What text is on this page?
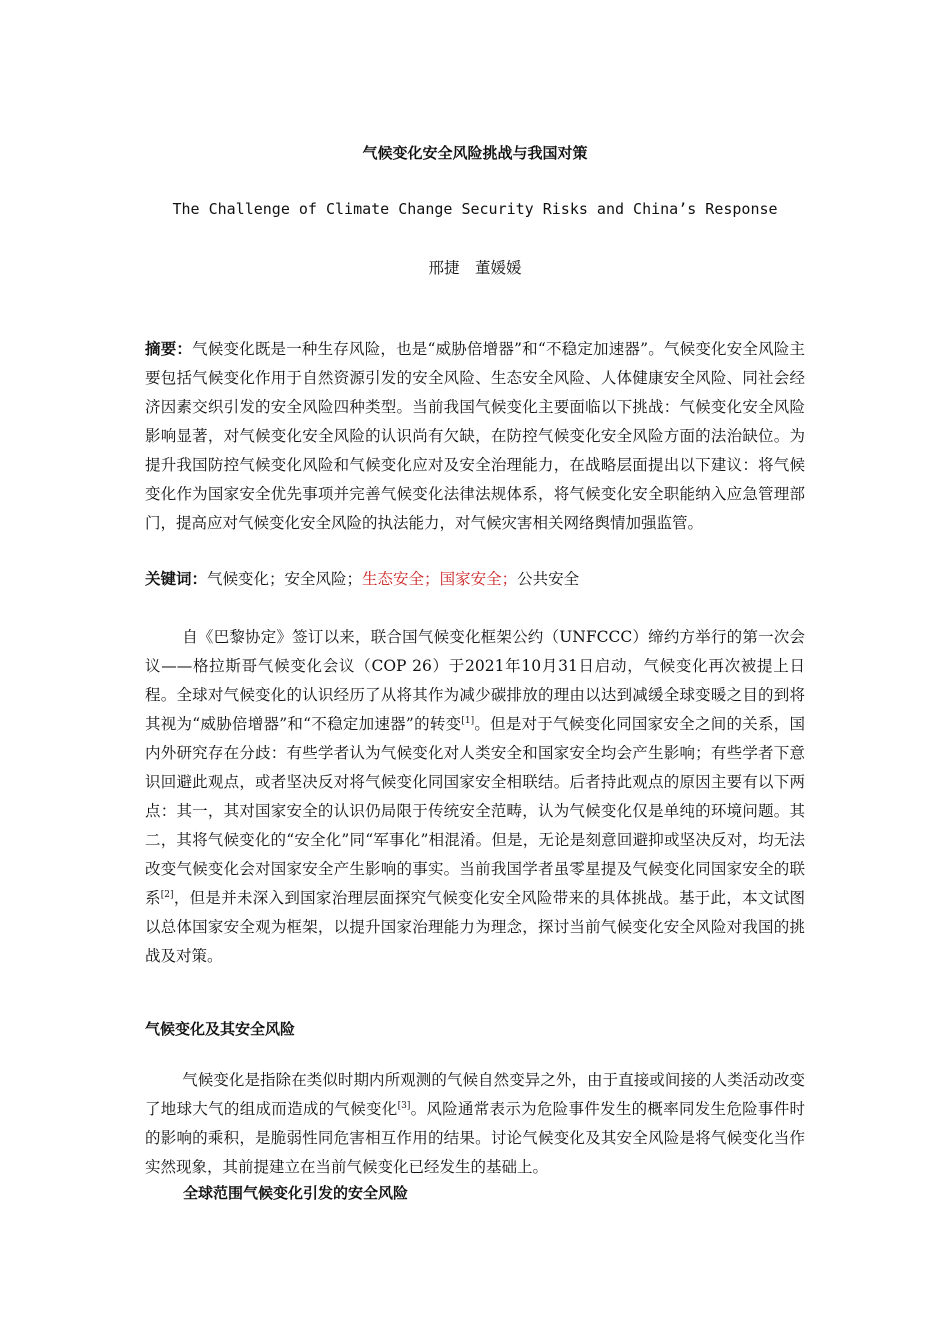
气候变化安全风险挑战与我国对策
The Challenge of Climate Change Security Risks and China’s Response
邢捷　董媛媛
摘要：气候变化既是一种生存风险，也是“威胁倍增器”和“不稳定加速器”。气候变化安全风险主要包括气候变化作用于自然资源引发的安全风险、生态安全风险、人体健康安全风险、同社会经济因素交织引发的安全风险四种类型。当前我国气候变化主要面临以下挑战：气候变化安全风险影响显著，对气候变化安全风险的认识尚有欠缺，在防控气候变化安全风险方面的法治缺位。为提升我国防控气候变化风险和气候变化应对及安全治理能力，在战略层面提出以下建议：将气候变化作为国家安全优先事项并完善气候变化法律法规体系，将气候变化安全职能纳入应急管理部门，提高应对气候变化安全风险的执法能力，对气候灾害相关网络舆情加强监管。
关键词：气候变化；安全风险；生态安全；国家安全；公共安全
自《巴黎协定》签订以来，联合国气候变化框架公约（UNFCCC）缔约方举行的第一次会议——格拉斯哥气候变化会议（COP 26）于2021年10月31日启动，气候变化再次被提上日程。全球对气候变化的认识经历了从将其作为减少碳排放的理由以达到减缓全球变暖之目的到将其视为“威胁倍增器”和“不稳定加速器”的转变[1]。但是对于气候变化同国家安全之间的关系，国内外研究存在分歧：有些学者认为气候变化对人类安全和国家安全均会产生影响；有些学者下意识回避此观点，或者坚决反对将气候变化同国家安全相联结。后者持此观点的原因主要有以下两点：其一，其对国家安全的认识仍局限于传统安全范畴，认为气候变化仅是单纯的环境问题。其二，其将气候变化的“安全化”同“军事化”相混淆。但是，无论是刻意回避抑或坚决反对，均无法改变气候变化会对国家安全产生影响的事实。当前我国学者虽零星提及气候变化同国家安全的联系[2]，但是并未深入到国家治理层面探究气候变化安全风险带来的具体挑战。基于此，本文试图以总体国家安全观为框架，以提升国家治理能力为理念，探讨当前气候变化安全风险对我国的挑战及对策。
气候变化及其安全风险
气候变化是指除在类似时期内所观测的气候自然变异之外，由于直接或间接的人类活动改变了地球大气的组成而造成的气候变化[3]。风险通常表示为危险事件发生的概率同发生危险事件时的影响的乘积，是脆弱性同危害相互作用的结果。讨论气候变化及其安全风险是将气候变化当作实然现象，其前提建立在当前气候变化已经发生的基础上。
全球范围气候变化引发的安全风险
